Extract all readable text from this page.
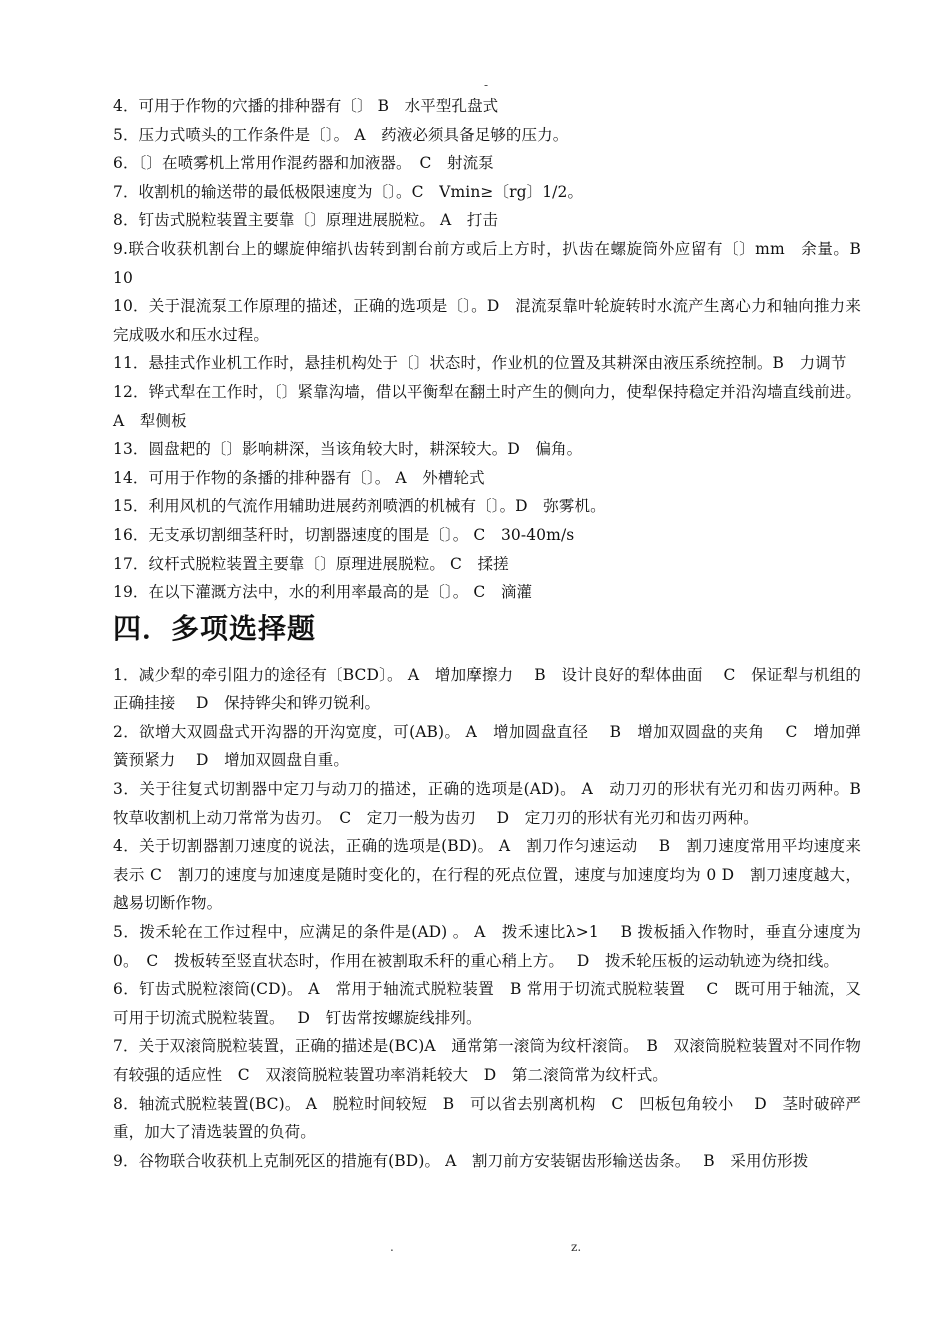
-

4．可用于作物的穴播的排种器有〔〕 B　水平型孔盘式

5．压力式喷头的工作条件是〔〕。 A　药液必须具备足够的压力。

6．〔〕在喷雾机上常用作混药器和加液器。　C　射流泵

7．收割机的输送带的最低极限速度为〔〕。C　Vmin≥〔rg〕1/2。

8．钉齿式脱粒装置主要靠〔〕原理进展脱粒。 A　打击

9.联合收获机割台上的螺旋伸缩扒齿转到割台前方或后上方时，扒齿在螺旋筒外应留有〔〕mm　余量。B　10

10．关于混流泵工作原理的描述，正确的选项是〔〕。D　混流泵靠叶轮旋转时水流产生离心力和轴向推力来完成吸水和压水过程。

11．悬挂式作业机工作时，悬挂机构处于〔〕状态时，作业机的位置及其耕深由液压系统控制。B　力调节

12．铧式犁在工作时，〔〕紧靠沟墙，借以平衡犁在翻土时产生的侧向力，使犁保持稳定并沿沟墙直线前进。 A　犁侧板

13．圆盘耙的〔〕影响耕深，当该角较大时，耕深较大。D　偏角。

14．可用于作物的条播的排种器有〔〕。 A　外槽轮式

15．利用风机的气流作用辅助进展药剂喷洒的机械有〔〕。D　弥雾机。

16．无支承切割细茎秆时，切割器速度的围是〔〕。 C　30-40m/s

17．纹杆式脱粒装置主要靠〔〕原理进展脱粒。 C　揉搓

19．在以下灌溉方法中，水的利用率最高的是〔〕。 C　滴灌

四．多项选择题

1．减少犁的牵引阻力的途径有〔BCD〕。 A　增加摩擦力　 B　设计良好的犁体曲面　 C　保证犁与机组的正确挂接　 D　保持铧尖和铧刃锐利。

2．欲增大双圆盘式开沟器的开沟宽度，可(AB)。 A　增加圆盘直径　 B　增加双圆盘的夹角　 C　增加弹簧预紧力　 D　增加双圆盘自重。

3．关于往复式切割器中定刀与动刀的描述，正确的选项是(AD)。 A　动刀刃的形状有光刃和齿刃两种。B 牧草收割机上动刀常常为齿刃。　C　定刀一般为齿刃　 D　定刀刃的形状有光刃和齿刃两种。

4．关于切割器割刀速度的说法，正确的选项是(BD)。 A　割刀作匀速运动　 B　割刀速度常用平均速度来表示 C　割刀的速度与加速度是随时变化的，在行程的死点位置，速度与加速度均为 0 D　割刀速度越大，越易切断作物。

5．拨禾轮在工作过程中，应满足的条件是(AD) 。 A　拨禾速比λ>1　 B 拨板插入作物时，垂直分速度为 0。　C　拨板转至竖直状态时，作用在被割取禾秆的重心稍上方。　 D　拨禾轮压板的运动轨迹为绕扣线。

6．钉齿式脱粒滚筒(CD)。 A　常用于轴流式脱粒装置　B 常用于切流式脱粒装置　 C　既可用于轴流，又可用于切流式脱粒装置。　 D　钉齿常按螺旋线排列。

7．关于双滚筒脱粒装置，正确的描述是(BC)A　通常第一滚筒为纹杆滚筒。　B　双滚筒脱粒装置对不同作物有较强的适应性　C　双滚筒脱粒装置功率消耗较大　D　第二滚筒常为纹杆式。

8．轴流式脱粒装置(BC)。 A　脱粒时间较短　B　可以省去别离机构　C　凹板包角较小　 D　茎时破碎严重，加大了清选装置的负荷。

9．谷物联合收获机上克制死区的措施有(BD)。 A　割刀前方安装锯齿形输送齿条。　 B　采用仿形拨

.	z.
